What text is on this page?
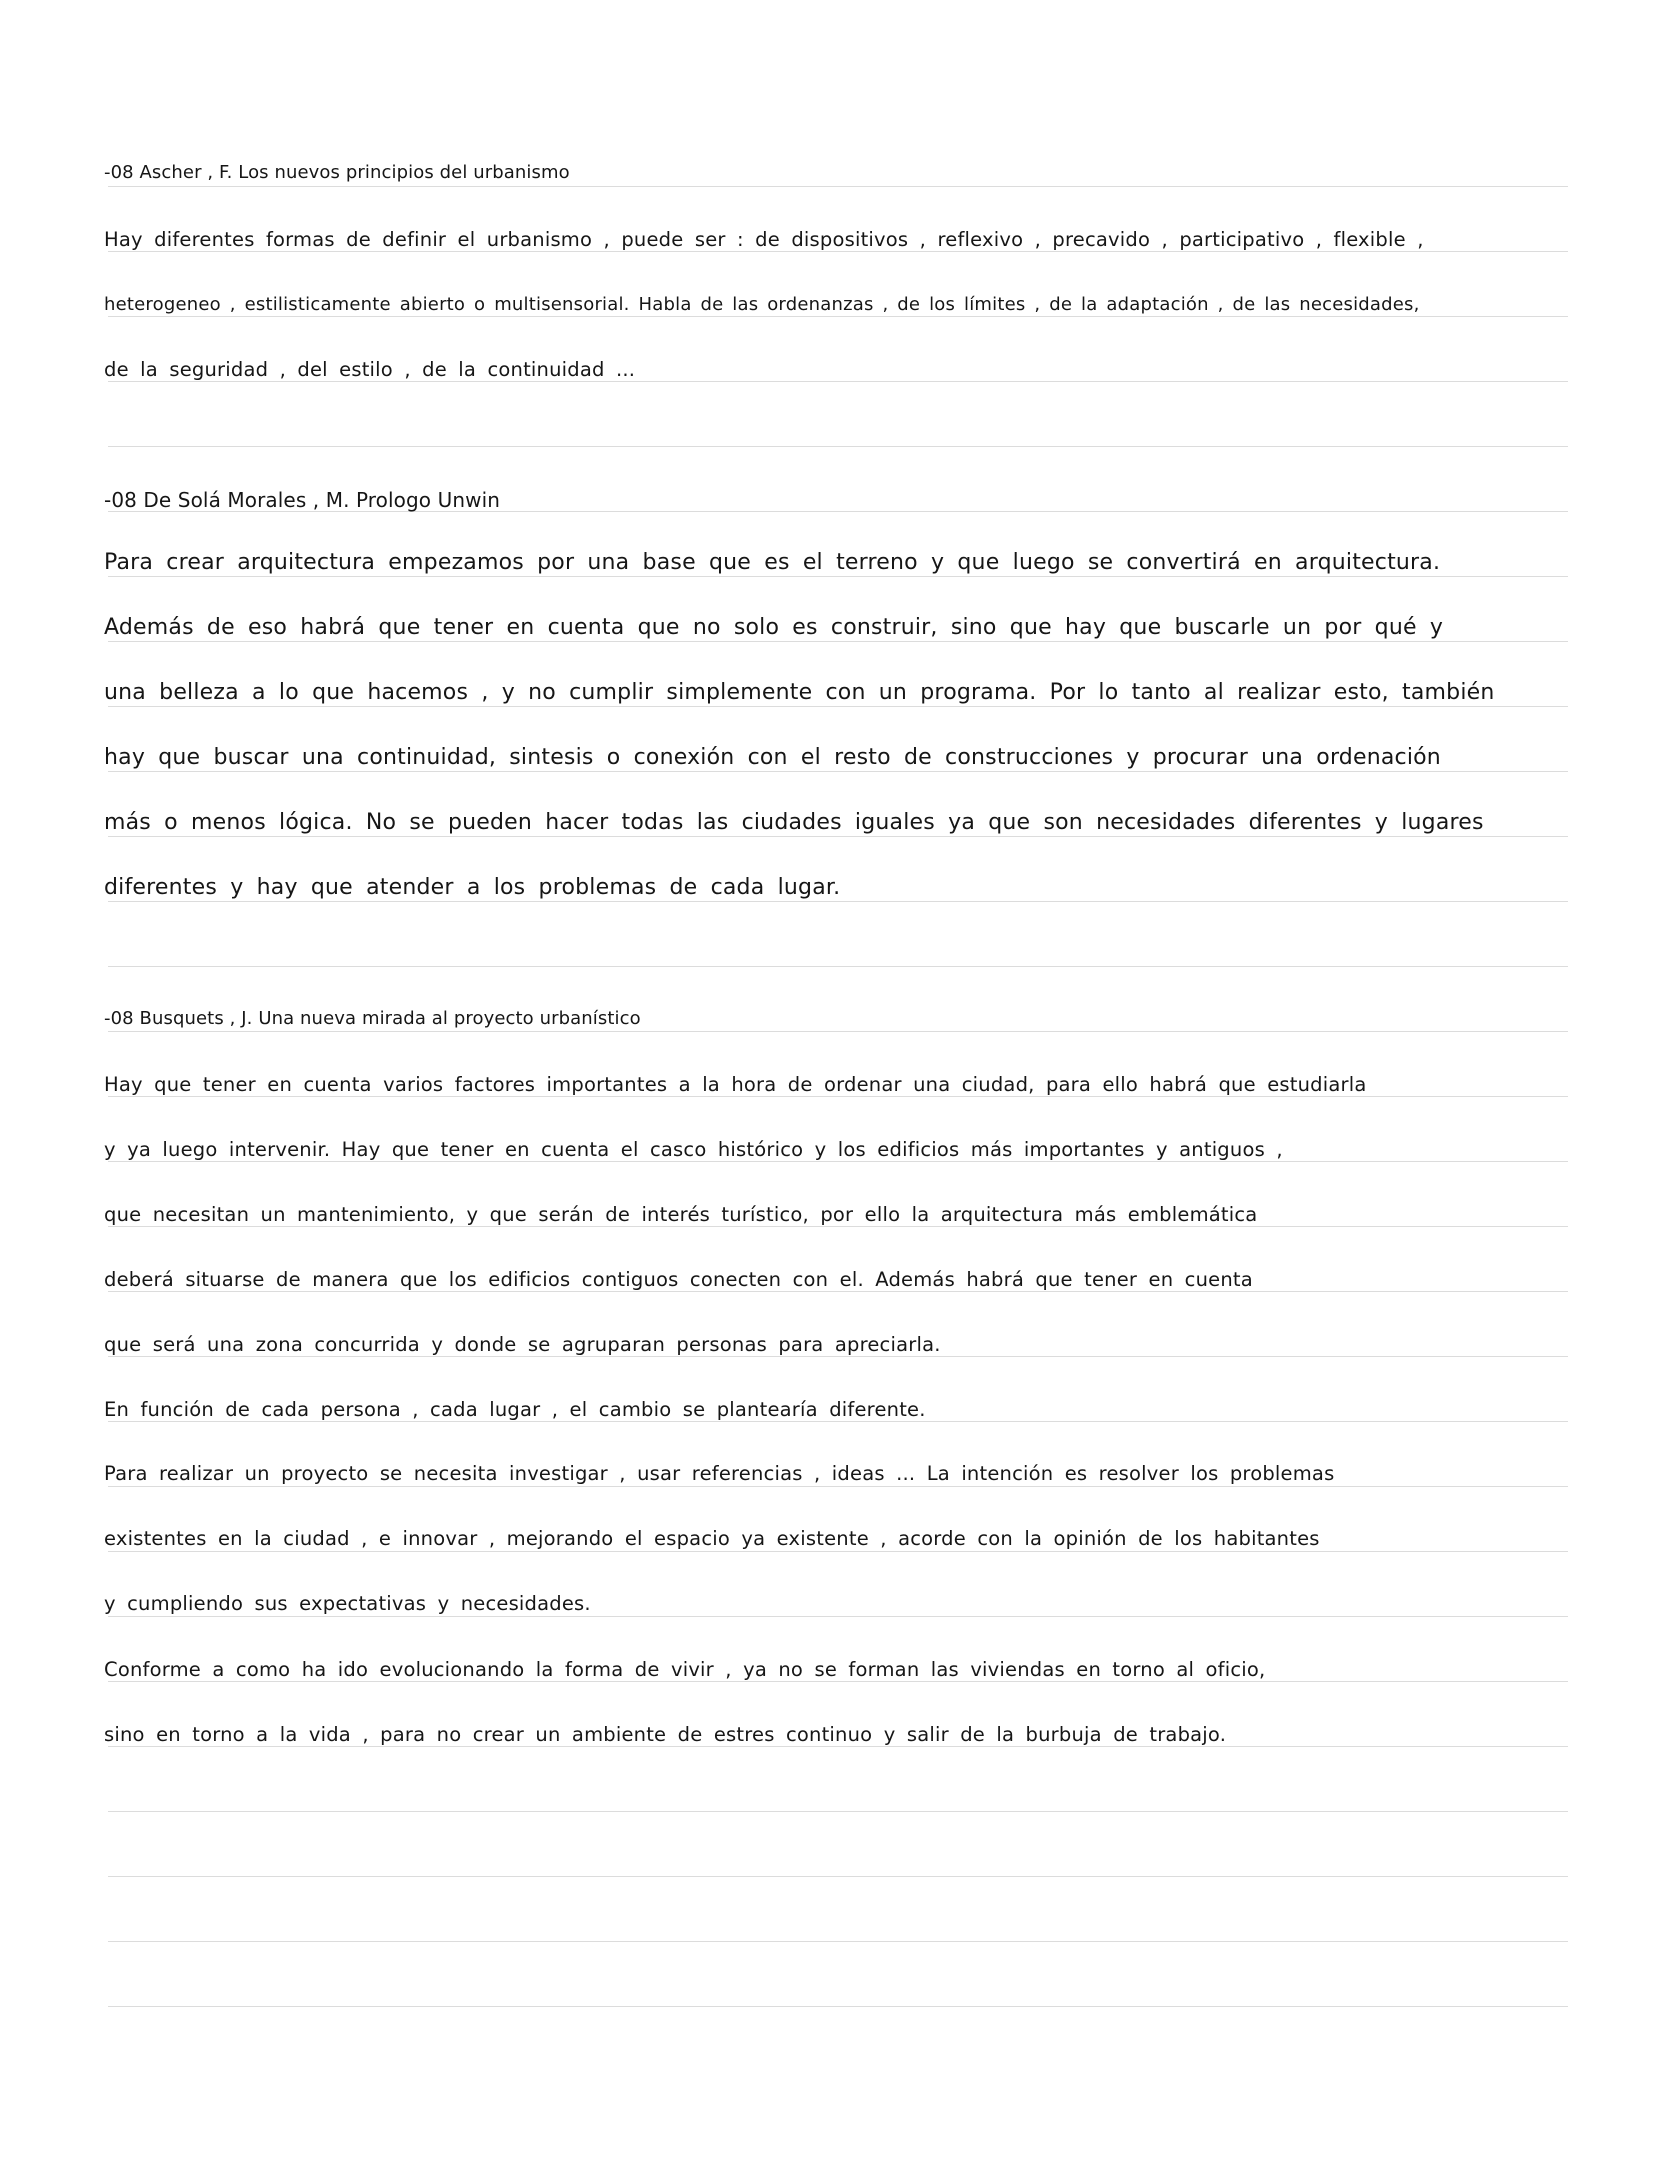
-08 Ascher , F. Los nuevos principios del urbanismo
Hay diferentes formas de definir el urbanismo , puede ser : de dispositivos , reflexivo , precavido , participativo , flexible ,
heterogeneo , estilisticamente abierto o multisensorial. Habla de las ordenanzas , de los límites , de la adaptación , de las necesidades,
de la seguridad , del estilo , de la continuidad ...
-08 De Solá Morales , M. Prologo Unwin
Para crear arquitectura empezamos por una base que es el terreno y que luego se convertirá en arquitectura.
Además de eso habrá que tener en cuenta que no solo es construir, sino que hay que buscarle un por qué y
una belleza a lo que hacemos , y no cumplir simplemente con un programa. Por lo tanto al realizar esto, también
hay que buscar una continuidad, sintesis o conexión con el resto de construcciones y procurar una ordenación
más o menos lógica. No se pueden hacer todas las ciudades iguales ya que son necesidades diferentes y lugares
diferentes y hay que atender a los problemas de cada lugar.
-08 Busquets , J. Una nueva mirada al proyecto urbanístico
Hay que tener en cuenta varios factores importantes a la hora de ordenar una ciudad, para ello habrá que estudiarla
y ya luego intervenir. Hay que tener en cuenta el casco histórico y los edificios más importantes y antiguos ,
que necesitan un mantenimiento, y que serán de interés turístico, por ello la arquitectura más emblemática
deberá situarse de manera que los edificios contiguos conecten con el. Además habrá que tener en cuenta
que será una zona concurrida y donde se agruparan personas para apreciarla.
En función de cada persona , cada lugar , el cambio se plantearía diferente.
Para realizar un proyecto se necesita investigar , usar referencias , ideas ... La intención es resolver los problemas
existentes en la ciudad , e innovar , mejorando el espacio ya existente , acorde con la opinión de los habitantes
y cumpliendo sus expectativas y necesidades.
Conforme a como ha ido evolucionando la forma de vivir , ya no se forman las viviendas en torno al oficio,
sino en torno a la vida , para no crear un ambiente de estres continuo y salir de la burbuja de trabajo.
